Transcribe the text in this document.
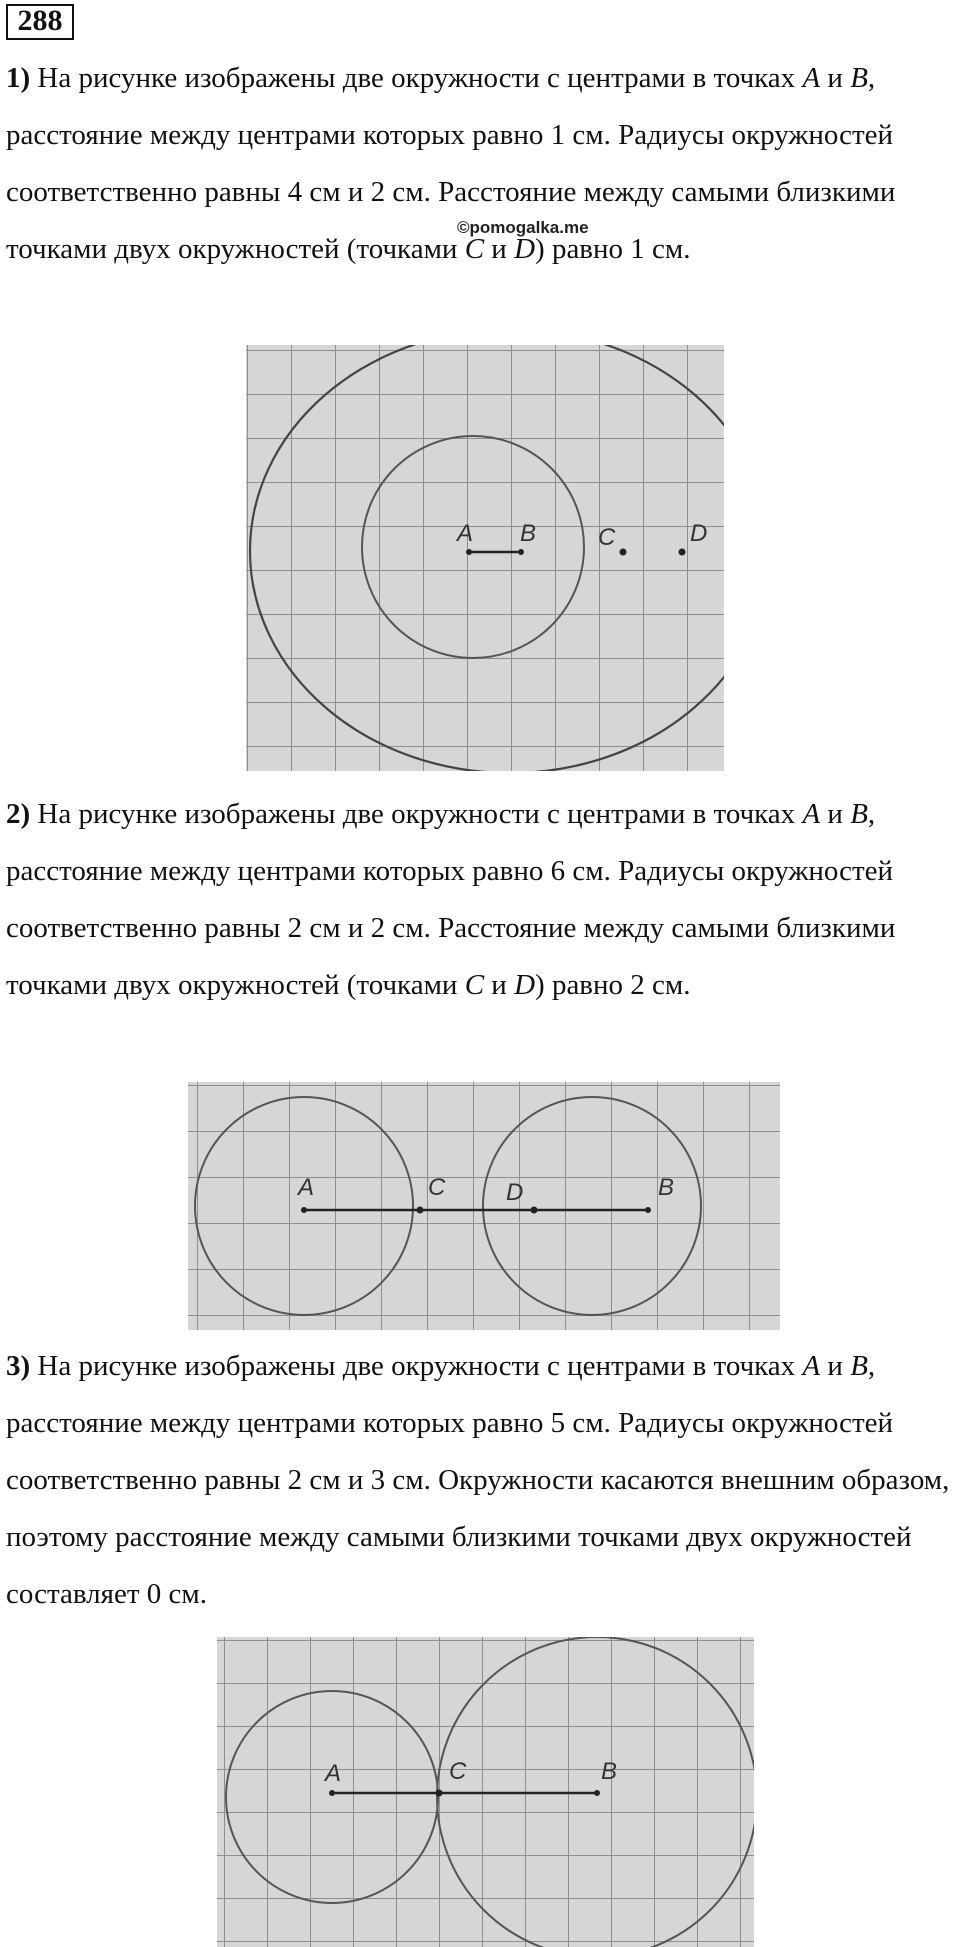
288
©pomogalka.me

1) На рисунке изображены две окружности с центрами в точках A и B, расстояние между центрами которых равно 1 см. Радиусы окружностей соответственно равны 4 см и 2 см. Расстояние между самыми близкими точками двух окружностей (точками C и D) равно 1 см.

A B	C	D

2) На рисунке изображены две окружности с центрами в точках A и B, расстояние между центрами которых равно 6 см. Радиусы окружностей соответственно равны 2 см и 2 см. Расстояние между самыми близкими точками двух окружностей (точками C и D) равно 2 см.

A	C	D	B

3) На рисунке изображены две окружности с центрами в точках A и B, расстояние между центрами которых равно 5 см. Радиусы окружностей соответственно равны 2 см и 3 см. Окружности касаются внешним образом, поэтому расстояние между самыми близкими точками двух окружностей составляет 0 см.

A	C	B
